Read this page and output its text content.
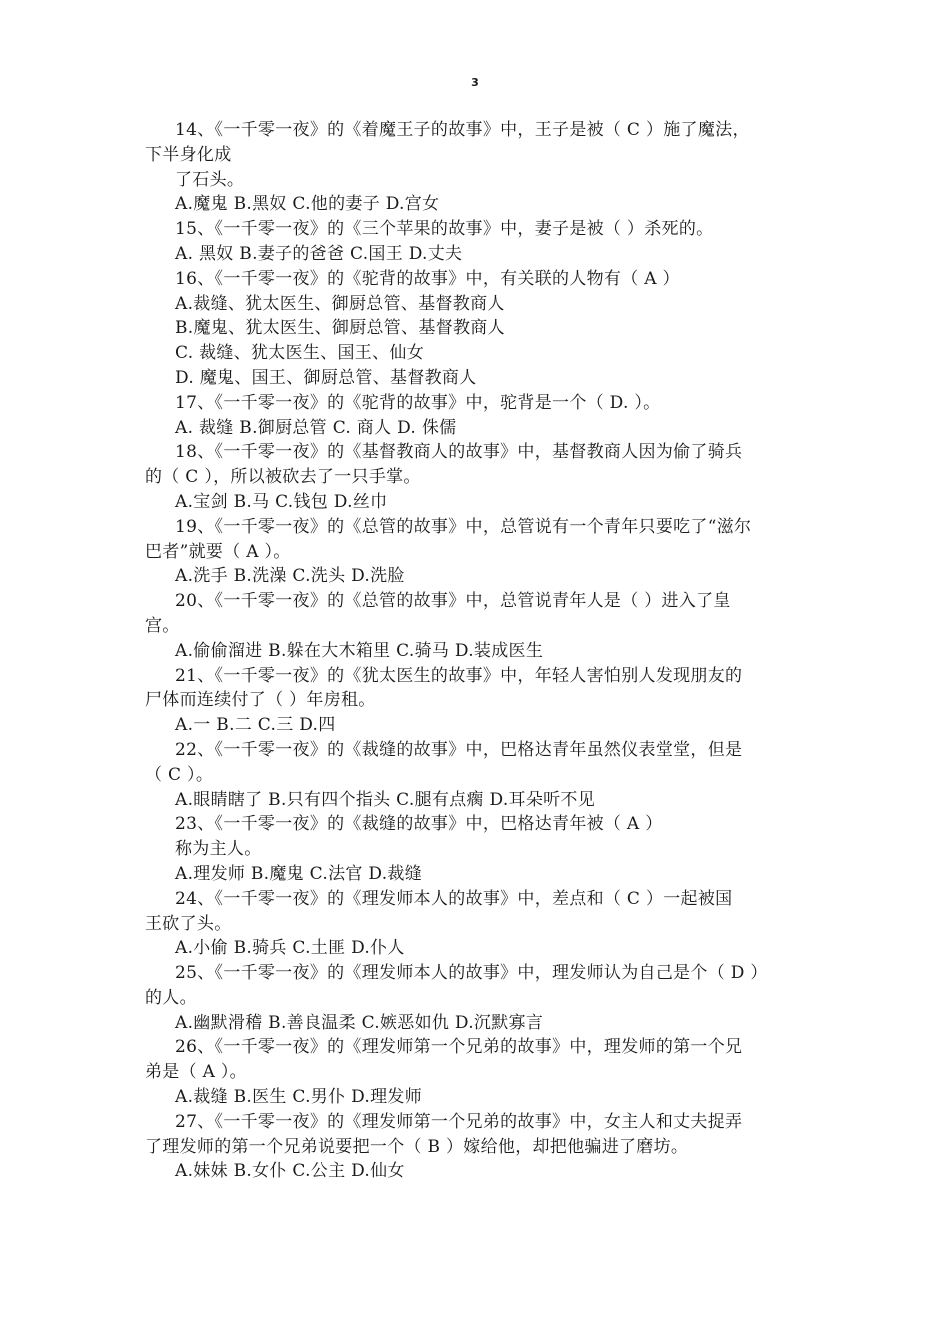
3
14、《一千零一夜》的《着魔王子的故事》中，王子是被（ C ）施了魔法，
下半身化成
了石头。
A.魔鬼 B.黑奴 C.他的妻子 D.宫女
15、《一千零一夜》的《三个苹果的故事》中，妻子是被（ ）杀死的。
A. 黑奴 B.妻子的爸爸 C.国王 D.丈夫
16、《一千零一夜》的《驼背的故事》中，有关联的人物有（ A ）
A.裁缝、犹太医生、御厨总管、基督教商人
B.魔鬼、犹太医生、御厨总管、基督教商人
C. 裁缝、犹太医生、国王、仙女
D. 魔鬼、国王、御厨总管、基督教商人
17、《一千零一夜》的《驼背的故事》中，驼背是一个（ D. ）。
A. 裁缝 B.御厨总管 C. 商人 D. 侏儒
18、《一千零一夜》的《基督教商人的故事》中，基督教商人因为偷了骑兵
的（ C ），所以被砍去了一只手掌。
A.宝剑 B.马 C.钱包 D.丝巾
19、《一千零一夜》的《总管的故事》中，总管说有一个青年只要吃了“滋尔
巴者”就要（ A ）。
A.洗手 B.洗澡 C.洗头 D.洗脸
20、《一千零一夜》的《总管的故事》中，总管说青年人是（ ）进入了皇
宫。
A.偷偷溜进 B.躲在大木箱里 C.骑马 D.装成医生
21、《一千零一夜》的《犹太医生的故事》中，年轻人害怕别人发现朋友的
尸体而连续付了（ ）年房租。
A.一 B.二 C.三 D.四
22、《一千零一夜》的《裁缝的故事》中，巴格达青年虽然仪表堂堂，但是
（ C ）。
A.眼睛瞎了 B.只有四个指头 C.腿有点瘸 D.耳朵听不见
23、《一千零一夜》的《裁缝的故事》中，巴格达青年被（ A ）
称为主人。
A.理发师 B.魔鬼 C.法官 D.裁缝
24、《一千零一夜》的《理发师本人的故事》中，差点和（ C ）一起被国
王砍了头。
A.小偷 B.骑兵 C.土匪 D.仆人
25、《一千零一夜》的《理发师本人的故事》中，理发师认为自己是个（ D ）
的人。
A.幽默滑稽 B.善良温柔 C.嫉恶如仇 D.沉默寡言
26、《一千零一夜》的《理发师第一个兄弟的故事》中，理发师的第一个兄
弟是（ A ）。
A.裁缝 B.医生 C.男仆 D.理发师
27、《一千零一夜》的《理发师第一个兄弟的故事》中，女主人和丈夫捉弄
了理发师的第一个兄弟说要把一个（ B ）嫁给他，却把他骗进了磨坊。
A.妹妹 B.女仆 C.公主 D.仙女
